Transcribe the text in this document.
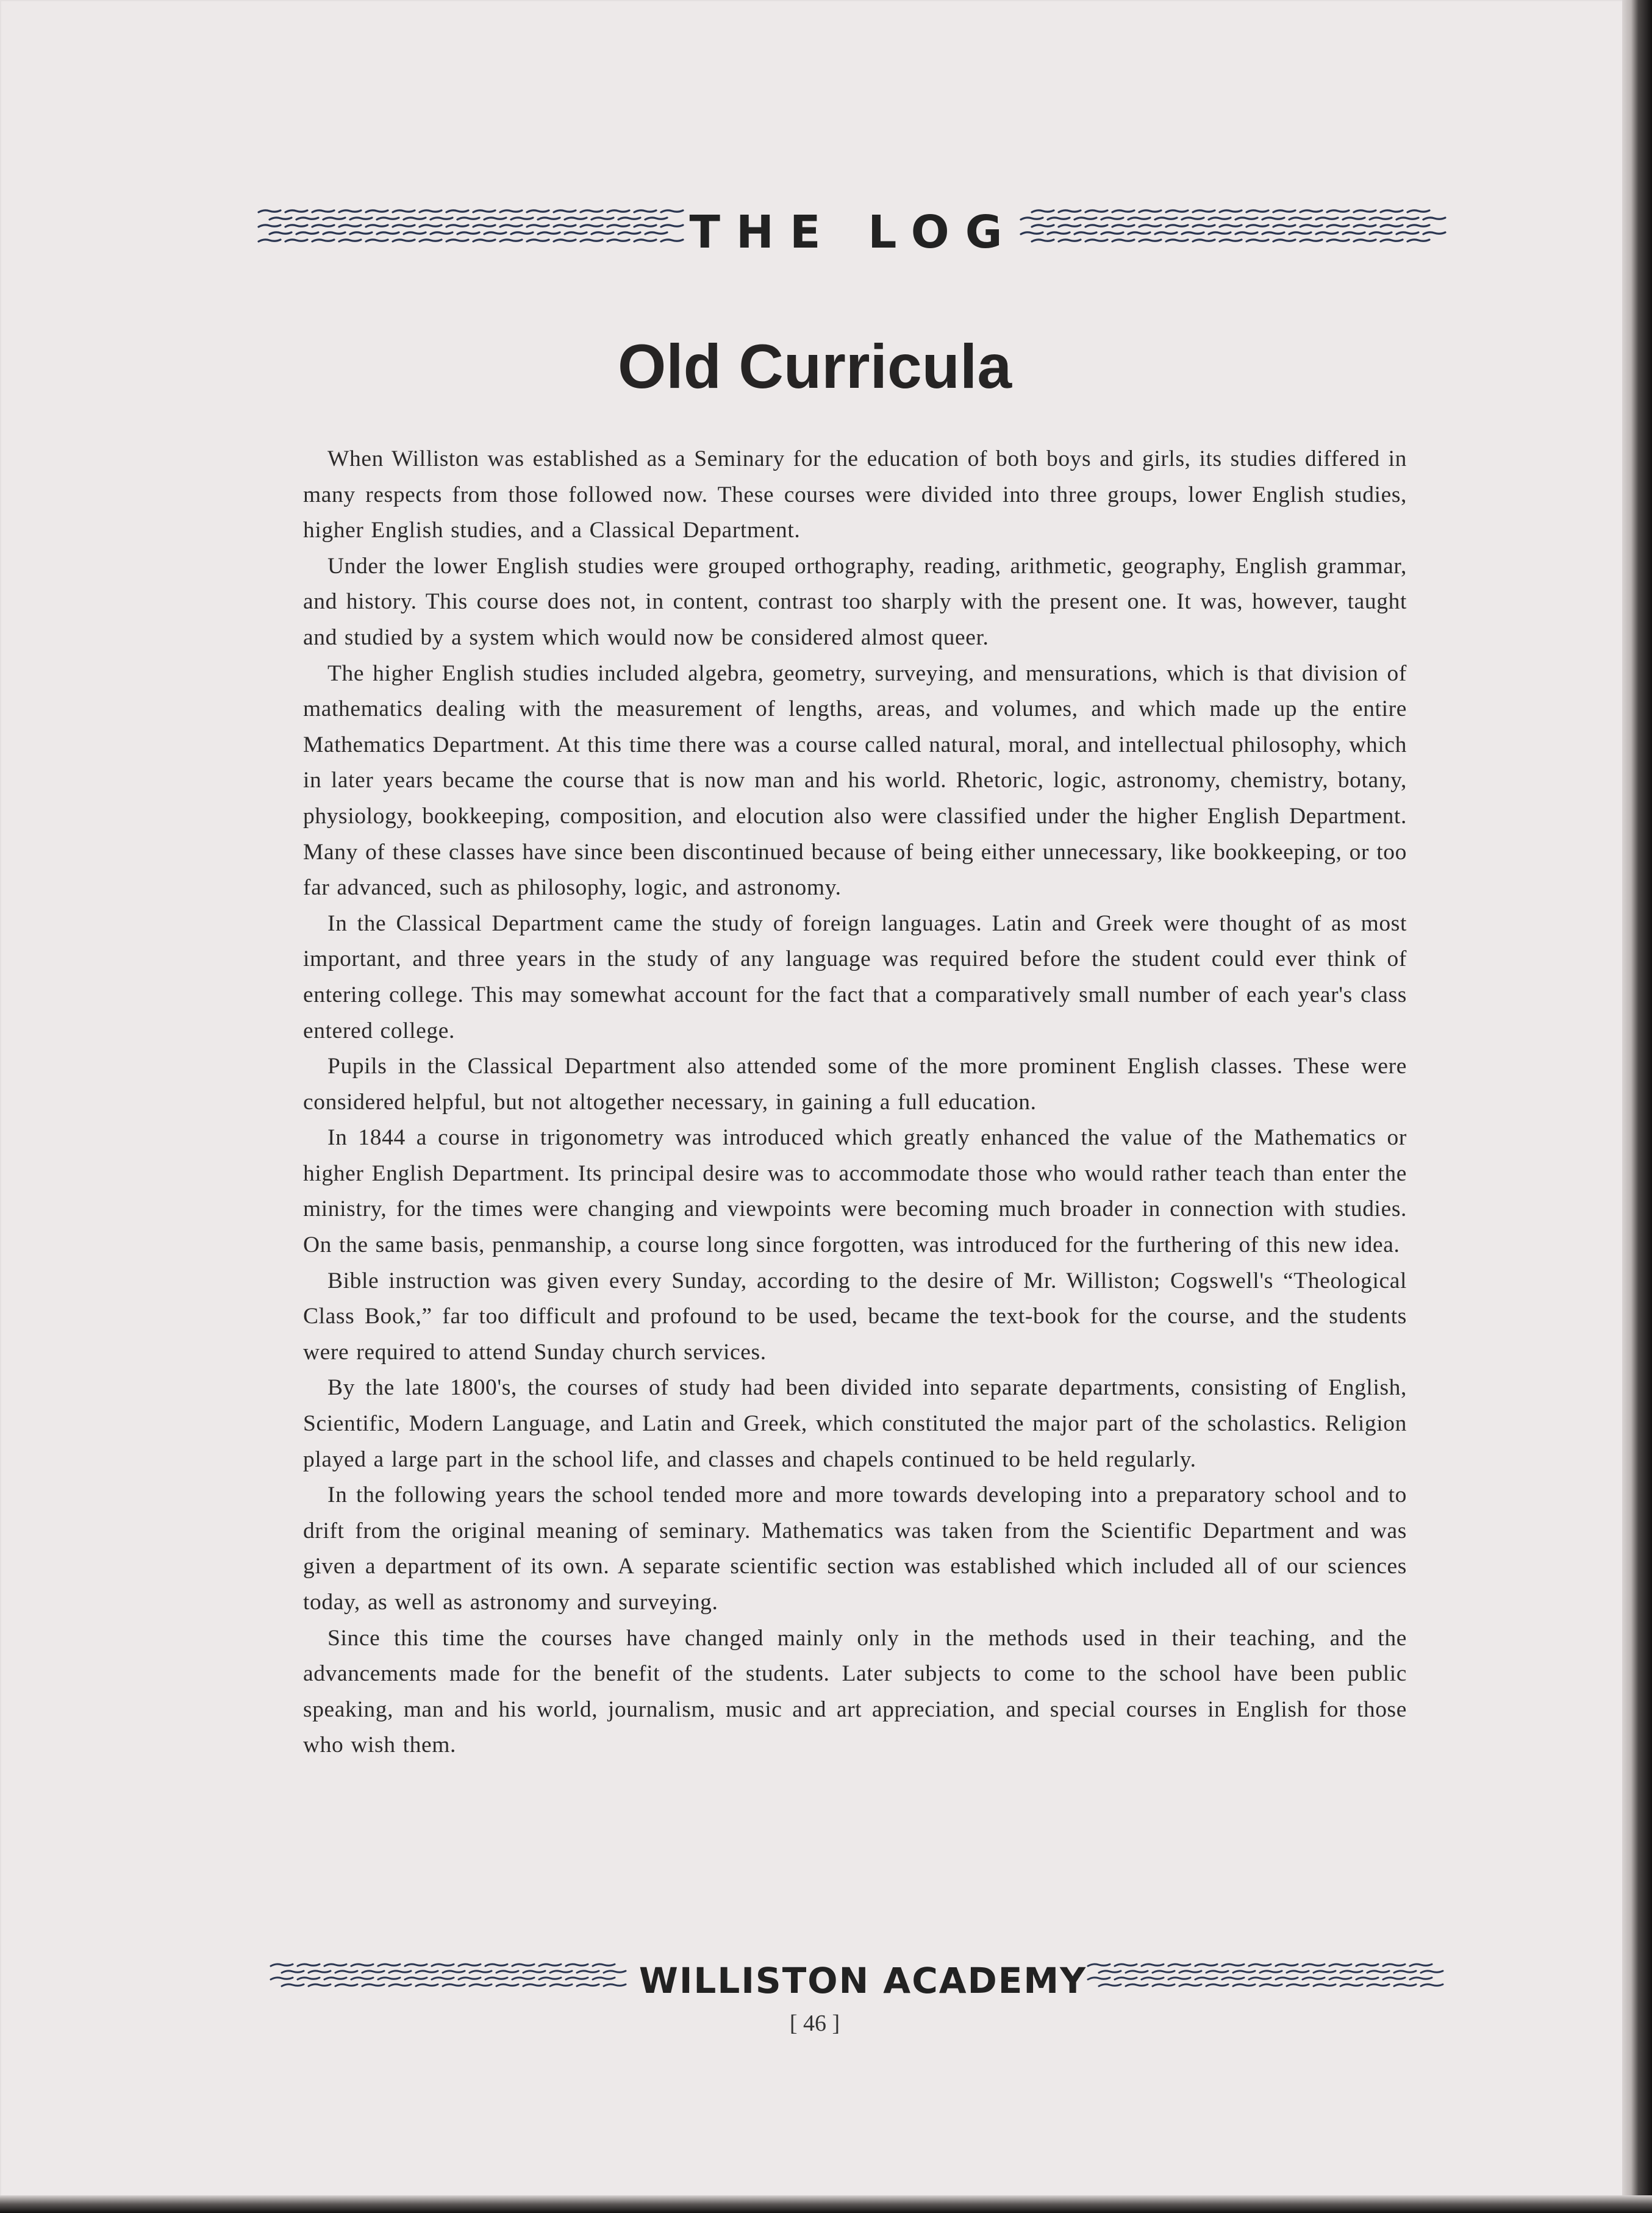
THE LOG
Old Curricula

When Williston was established as a Seminary for the education of both boys and girls, its studies differed in many respects from those followed now. These courses were divided into three groups, lower English studies, higher English studies, and a Classical Department.

Under the lower English studies were grouped orthography, reading, arithmetic, geography, English grammar, and history. This course does not, in content, contrast too sharply with the present one. It was, however, taught and studied by a system which would now be considered almost queer.

The higher English studies included algebra, geometry, surveying, and mensurations, which is that division of mathematics dealing with the measurement of lengths, areas, and volumes, and which made up the entire Mathematics Department. At this time there was a course called natural, moral, and intellectual philosophy, which in later years became the course that is now man and his world. Rhetoric, logic, astronomy, chemistry, botany, physiology, bookkeeping, composition, and elocution also were classified under the higher English Department. Many of these classes have since been discontinued because of being either unnecessary, like bookkeeping, or too far advanced, such as philosophy, logic, and astronomy.

In the Classical Department came the study of foreign languages. Latin and Greek were thought of as most important, and three years in the study of any language was required before the student could ever think of entering college. This may somewhat account for the fact that a comparatively small number of each year's class entered college.

Pupils in the Classical Department also attended some of the more prominent English classes. These were considered helpful, but not altogether necessary, in gaining a full education.

In 1844 a course in trigonometry was introduced which greatly enhanced the value of the Mathematics or higher English Department. Its principal desire was to accommodate those who would rather teach than enter the ministry, for the times were changing and viewpoints were becoming much broader in connection with studies. On the same basis, penmanship, a course long since forgotten, was introduced for the furthering of this new idea.

Bible instruction was given every Sunday, according to the desire of Mr. Williston; Cogswell's “Theological Class Book,” far too difficult and profound to be used, became the text-book for the course, and the students were required to attend Sunday church services.

By the late 1800's, the courses of study had been divided into separate departments, consisting of English, Scientific, Modern Language, and Latin and Greek, which constituted the major part of the scholastics. Religion played a large part in the school life, and classes and chapels continued to be held regularly.

In the following years the school tended more and more towards developing into a preparatory school and to drift from the original meaning of seminary. Mathematics was taken from the Scientific Department and was given a department of its own. A separate scientific section was established which included all of our sciences today, as well as astronomy and surveying.

Since this time the courses have changed mainly only in the methods used in their teaching, and the advancements made for the benefit of the students. Later subjects to come to the school have been public speaking, man and his world, journalism, music and art appreciation, and special courses in English for those who wish them.

WILLISTON ACADEMY
[ 46 ]
